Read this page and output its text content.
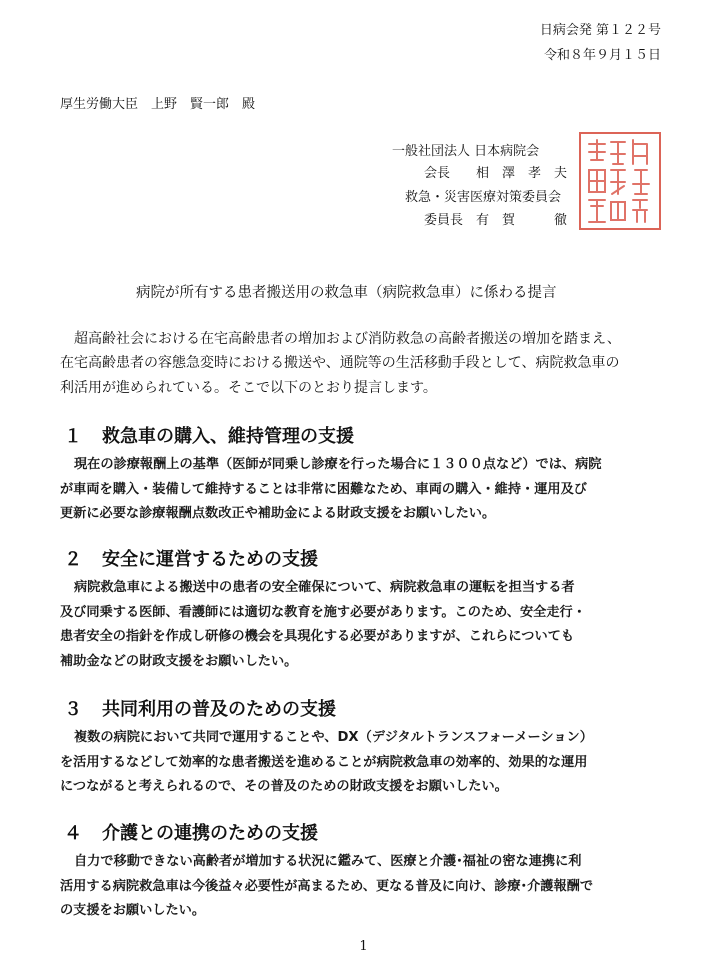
日病会発 第１２２号
令和８年９月１５日
厚生労働大臣　上野　賢一郎　殿
一般社団法人 日本病院会
会長　　相　澤　孝　夫
救急・災害医療対策委員会
委員長　有　賀　　　徹
病院が所有する患者搬送用の救急車（病院救急車）に係わる提言
超高齢社会における在宅高齢患者の増加および消防救急の高齢者搬送の増加を踏まえ、
在宅高齢患者の容態急変時における搬送や、通院等の生活移動手段として、病院救急車の
利活用が進められている。そこで以下のとおり提言します。
１ 救急車の購入、維持管理の支援
現在の診療報酬上の基準（医師が同乗し診療を行った場合に１３００点など）では、病院
が車両を購入・装備して維持することは非常に困難なため、車両の購入・維持・運用及び
更新に必要な診療報酬点数改正や補助金による財政支援をお願いしたい。
２ 安全に運営するための支援
病院救急車による搬送中の患者の安全確保について、病院救急車の運転を担当する者
及び同乗する医師、看護師には適切な教育を施す必要があります。このため、安全走行・
患者安全の指針を作成し研修の機会を具現化する必要がありますが、これらについても
補助金などの財政支援をお願いしたい。
３ 共同利用の普及のための支援
複数の病院において共同で運用することや、DX（デジタルトランスフォーメーション）
を活用するなどして効率的な患者搬送を進めることが病院救急車の効率的、効果的な運用
につながると考えられるので、その普及のための財政支援をお願いしたい。
４ 介護との連携のための支援
自力で移動できない高齢者が増加する状況に鑑みて、医療と介護･福祉の密な連携に利
活用する病院救急車は今後益々必要性が高まるため、更なる普及に向け、診療･介護報酬で
の支援をお願いしたい。
1
